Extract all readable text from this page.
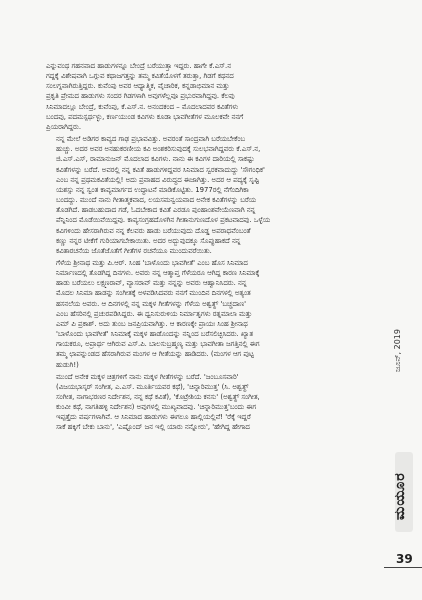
ಎನ್ನುವಂಥ ಗಹನವಾದ ಹಾಡುಗಳನ್ನೂ ಬೇಂದ್ರೆ ಬರೆಯುತ್ತಾ ಇದ್ದರು. ಹಾಗೇ ಕೆ.ಎಸ್.ನ
ಗದ್ದಕ್ಕೆ ವಿಶೇಷವಾಗಿ ಒಗ್ಗುವ ಕಥಾಜಗತ್ತನ್ನು ತಮ್ಮ ಕವಿತೆಯೊಳಗೆ ತರುತ್ತಾ, ಗಿಡಗೆ ಕಥನದ
ಸಂಲಗ್ನವಾಗಿರುತ್ತಿದ್ದರು. ಕುವೆಂಪು ಅವರ ಆಧ್ಯಾತ್ಮಿಕ, ವೈಚಾರಿಕ, ಕನ್ನಡಾಭಿಮಾನ ಮತ್ತು
ಪ್ರಕೃತಿ ಪ್ರೇಮದ ಹಾಡುಗಳು ಸಂದರ ಗಿಡಗಳಾಗಿ ಅವುಗಳೆಲ್ಲವೂ ಪ್ರಭುರವಾಗಿದ್ದವು. ಕೆಲವು
ಸಿನಿಮಾದಲ್ಲೂ ಬೇಂದ್ರೆ, ಕುವೆಂಪು, ಕೆ.ಎಸ್.ನ. ಅನಂದಕಂದ – ಮೊದಲಾದವರ ಕವಿತೆಗಳು
ಬಂದವು, ಪದಮಸ್ಪರ್ಥಳ್ಳು, ಕರ್ಣಯುಂಡ ಕವಿಗಳು ಕೂಡಾ ಭಾವಗೀತೆಗಳ ಮೂಲಕವೇ ನನಗೆ
ಪ್ರಿಯರಾಗಿದ್ದರು.

ನನ್ನ ಮೇಲೆ ಅಡಿಗರ ಕಾವ್ಯದ ಗಾಢ ಪ್ರಭಾವವಿತ್ತು. ಅವರಂತೆ ಸಾಂದ್ರವಾಗಿ ಬರೆಯಬೇಕೆಂಬ
ಹುಚ್ಚು. ಅದರ ಅವರ ಅನಹುಕರಣೀಯ ಕವಿ ಅಂಶಕರಿಸುವುದಕ್ಕೆ ಸುಲಭವಾಗಿದ್ದವರು ಕೆ.ಎಸ್.ನ,
ಜಿ.ಎಸ್.ಎಸ್, ರಾಮಾನುಜನ್ ಮೊದಲಾದ ಕವಿಗಳು. ನಾನು ಈ ಕವಿಗಳ ದಾರಿಯಲ್ಲಿ ಸಾಕಷ್ಟು
ಕವಿತೆಗಳನ್ನು ಬರೆದೆ. ಅವರಲ್ಲಿ ನನ್ನ ಕವಿತೆ ಹಾಡುಗಳಿದ್ದವರ ಸಿನಿಮಾದ ಸ್ವರಕವಾದುದ್ದು 'ಸೌಗಂಧಿಕ'
ಎಂಬ ನನ್ನ ಪ್ರಥಮಕವಿತೆಯಲ್ಲಿ! ಅದು ಪ್ರವಾಹದ ವಿರುದ್ಧದ ಈಜಾಗಿತ್ತು. ಅದರ ಆ ಪದ್ಯಕ್ಕೆ ಸೃಷ್ಟಿ
ಯಶಸ್ಸು ನನ್ನ ಸ್ವಂತ ಕಾವ್ಯಮಾರ್ಗದ ಉದ್ಧಾಟನೆ ಮಾಡಿಕೊಟ್ಟಿತು. 1977ರಲ್ಲಿ ನೆಗೆಂದಿಗಿಕಾ
ಬಂದದ್ದು. ಮುಂದೆ ನಾನು ಗೀತಾತ್ಮಕವಾದ, ಲಯಸಮನ್ವಯವಾದ ಅನೇಕ ಕವಿತೆಗಳನ್ನು ಬರೆಯ
ತೊಡಗಿದೆ. ಹಾಡಬಹುದಾದ ಗಡೆ, ಓದಬೇಕಾದ ಕವಿತೆ ಎರಡೂ ಪುಂಹಾಂಶವೇಯೆಣವಾಗಿ ನನ್ನ
ಪೆನ್ನಿನಿಂದ ಮೊಡೆಯಿವೆಯಿದ್ದವು. ಕಾವ್ಯಸಂಗ್ರಹದೊಳಗಿನ ಗೀತಾನುಗುಣದೊಳ ಪ್ರಕಟವಾದವು. ಒಳ್ಳೆಯ
ಕವಿಗಳಿಂದು ಹೇಸರಾಗಿರುವ ನನ್ನ ಕೆಲವರು ಹಾಡು ಬರೆಯುವುದು ದೊಡ್ಡ ಅಪರಾಧವೆಂಬಂತೆ
ಕಣ್ಣು ನನ್ನರ ಟೀಕೆಗೆ ಗುರಿಯಾಗಬೇಕಾಯಿತು. ಅದರ ಅದ್ಭುವುದಕ್ಕೂ ಸೊಪ್ಪುಹಾಕದೆ ನನ್ನ
ಕವಿತಾರಚನೆಯ ಜೊತೆಜೊತೆಗೆ ಗೀತೆಗಳ ರಚನೆಯೂ ಮುಂದುವರೆಯಿತು.

ಗೆಳೆಯ ಶ್ರೀನಾಥ ಮತ್ತು ಪಿ.ಆರ್. ಸಿಂಹ 'ಬಾಳೊಂದು ಭಾವಗೀತೆ' ಎಂಬ ಹೊಸ ಸಿನಿಮಾದ
ನಿರ್ಮಾಣದಲ್ಲಿ ತೊಡಗಿದ್ದ ದಿನಗಳು. ಅವರು ನನ್ನ ಆತ್ಮಾಪ್ತ ಗೆಳೆಯರೂ ಆಗಿದ್ದ ಕಾರಣ ಸಿನಿಮಾಕ್ಕೆ
ಹಾಡು ಬರೆಯಲು ಲಕ್ಷ್ಮಣರಾವ್, ವ್ಯಾಸರಾವ್ ಮತ್ತು ನನ್ನನ್ನು ಅವರು ಆಹ್ವಾನಿಸಿದರು. ನನ್ನ
ಮೊದಲ ಸಿನಿಮಾ ಹಾಡನ್ನು ಸಂಗೀತಕ್ಕೆ ಅಳವಡಿಸಿದವರು ನನಗೆ ಮುಂದಿನ ದಿನಗಳಲ್ಲಿ ಅತ್ಯಂತ
ಹಸನಲೆಯ ಅವರು. ಆ ದಿನಗಳಲ್ಲಿ ನನ್ನ ಮಕ್ಕಳ ಗೀತೆಗಳನ್ನು ಗೆಳೆಯ ಅಶ್ವತ್ಥ್ 'ಬಚ್ಚದಾಣ'
ಎಂಬ ಹೆಸರಿನಲ್ಲಿ ಪ್ರಚುರಪಡಿಸಿದ್ದರು. ಈ ಧ್ವನಿಸುರುಳಿಯ ನಿರ್ಮಾತೃಗಳು ರತ್ನಮಾಲಾ ಮತ್ತು
ಎಮ್ ಪಿ ಪ್ರಕಾಶ್. ಅದು ತುಂಬ ಜನಪ್ರಿಯವಾಗಿತ್ತು. ಆ ಕಾರಣಕ್ಕೇ ಪ್ರಾಯಃ ಸಿಂಹ ಶ್ರೀನಾಥ
'ಬಾಳೊಂದು ಭಾವಗೀತೆ' ಸಿನಿಮಾಕ್ಕೆ ಮಕ್ಕಳ ಹಾಡೊಂದನ್ನು ನನ್ನಿಂದ ಬರೆಸಲಿಚ್ಛಿಸಿದರು. ಖ್ಯಾತ
ಗಾಯಕರೂ, ಅಪ್ರಾರ್ಥ ಆಗಿರುವ ಎಸ್.ಪಿ. ಬಾಲಸುಬ್ರಹ್ಮಣ್ಯ ಮತ್ತು ಭಾವಗೀತಾ ಜಗತ್ತಿನಲ್ಲಿ ಈಗ
ತಮ್ಮ ಛಾಪನ್ನುಂಡದ ಹೆಸರಾಗಿರುವ ಮಂಗಳ ಆ ಗೀತೆಯನ್ನು ಹಾಡಿದರು. (ಮಂಗಳ ಆಗ ಪುಟ್ಟ
ಹುಡುಗಿ!)

ಮುಂದೆ ಅನೇಕ ಮಕ್ಕಳ ಚಿತ್ರಗಳಿಗೆ ನಾನು ಮಕ್ಕಳ ಗೀತೆಗಳನ್ನು ಬರೆದೆ. 'ಜಂಬೂಸವಾರಿ'
(ವಿಜಯಭಾಸ್ಕರ್ ಸಂಗೀತ, ಎ.ಎಸ್. ಮೂರ್ತಿಯವರ ಕಥೆ), 'ಚಿನ್ನಾರಿಮುತ್ತ' (ಸಿ. ಅಶ್ವತ್ಥ್
ಸಂಗೀತ, ನಾಗಾಭರಣರ ನಿರ್ದೇಶನ, ನನ್ನ ಕಥೆ ಕವಿತೆ), 'ಕೊಟ್ರೇಶಿಯ ಕನಸು' (ಅಶ್ವತ್ಥ್ ಸಂಗೀತ,
ಕುಂವೀ ಕಥೆ, ನಾಗತಿಹಳ್ಳಿ ನಿರ್ದೇಶನ) ಅವುಗಳಲ್ಲಿ ಮುಖ್ಯವಾದವು. 'ಚಿನ್ನಾರಿಮುತ್ತ'ಬಂದು ಈಗ
ಇಪ್ಪತ್ತೈದು ವರ್ಷಗಳಾಗಿವೆ. ಆ ಸಿನಿಮಾದ ಹಾಡುಗಳು ಈಗಲೂ ಹಾಲ್ಲಿಯಲ್ಲಿವೆ! 'ರೆಕ್ಕೆ ಇದ್ದರೆ
ಸಾಕೆ ಹಕ್ಕಿಗೆ ಬೇಕು ಬಾನು', 'ಎಷ್ಟೊಂದ್ ಜನ ಇಲ್ಲಿ ಯಾರು ನನ್ನೋರು', 'ಹೇಗಿದ್ದ ಹೇಗಾದ

ಮಯೂರ
ಜೂನ್, 2019
39
